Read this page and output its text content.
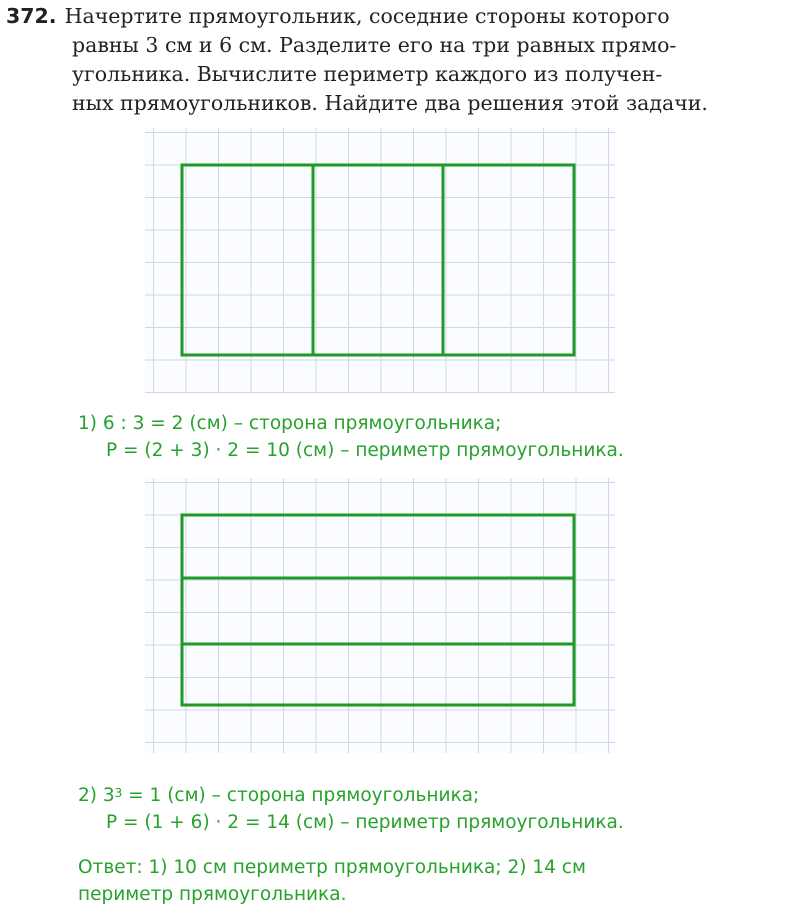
372. Начертите прямоугольник, соседние стороны которого
равны 3 см и 6 см. Разделите его на три равных прямо-
угольника. Вычислите периметр каждого из получен-
ных прямоугольников. Найдите два решения этой задачи.
1) 6 : 3 = 2 (см) – сторона прямоугольника;
P = (2 + 3) · 2 = 10 (см) – периметр прямоугольника.
2) $3^3 = 1$ (см) – сторона прямоугольника;
P = (1 + 6) · 2 = 14 (см) – периметр прямоугольника.
Ответ: 1) 10 см периметр прямоугольника; 2) 14 см
периметр прямоугольника.
